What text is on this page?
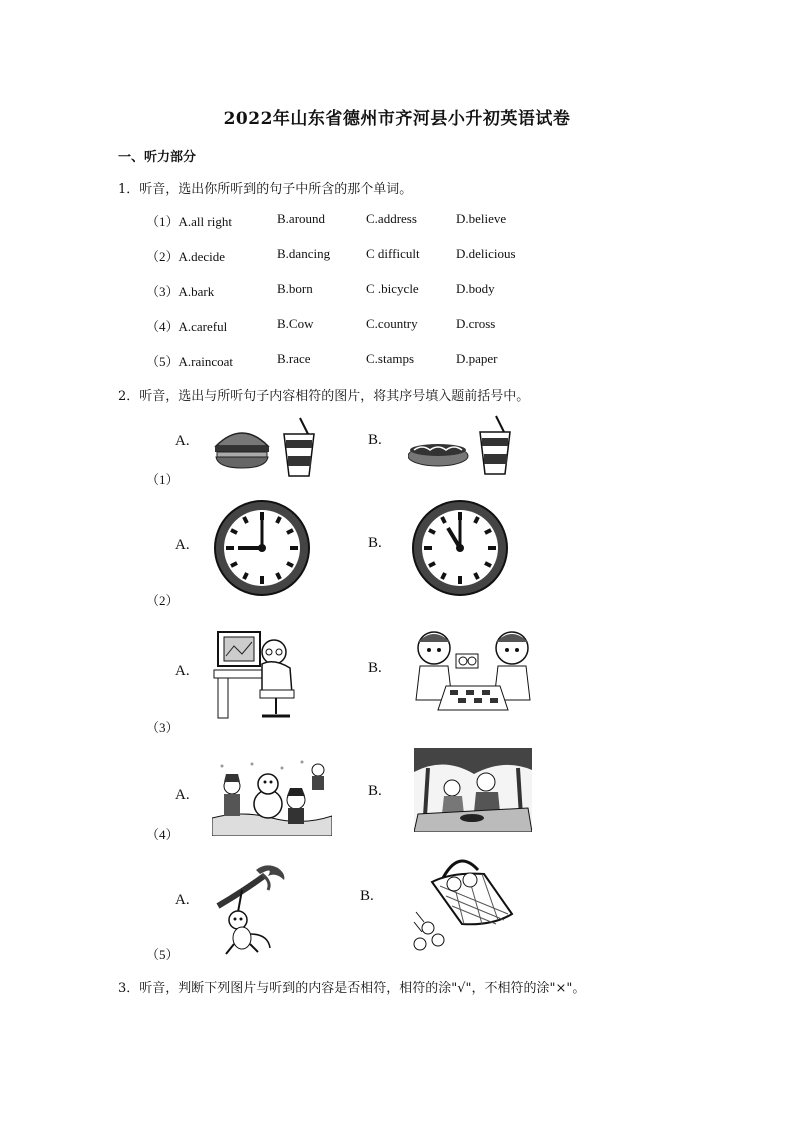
2022年山东省德州市齐河县小升初英语试卷
一、听力部分
1．听音，选出你所听到的句子中所含的那个单词。
（1）A.all right	B.around	C.address	D.believe
（2）A.decide	B.dancing	C difficult	D.delicious
（3）A.bark	B.born	C .bicycle	D.body
（4）A.careful	B.Cow	C.country	D.cross
（5）A.raincoat	B.race	C.stamps	D.paper
2．听音，选出与所听句子内容相符的图片，将其序号填入题前括号中。
A.	B.
（1）
A.	B.
（2）
A.	B.
（3）
A.	B.
（4）
A.	B.
（5）
3．听音，判断下列图片与听到的内容是否相符，相符的涂"√"，不相符的涂"×"。
